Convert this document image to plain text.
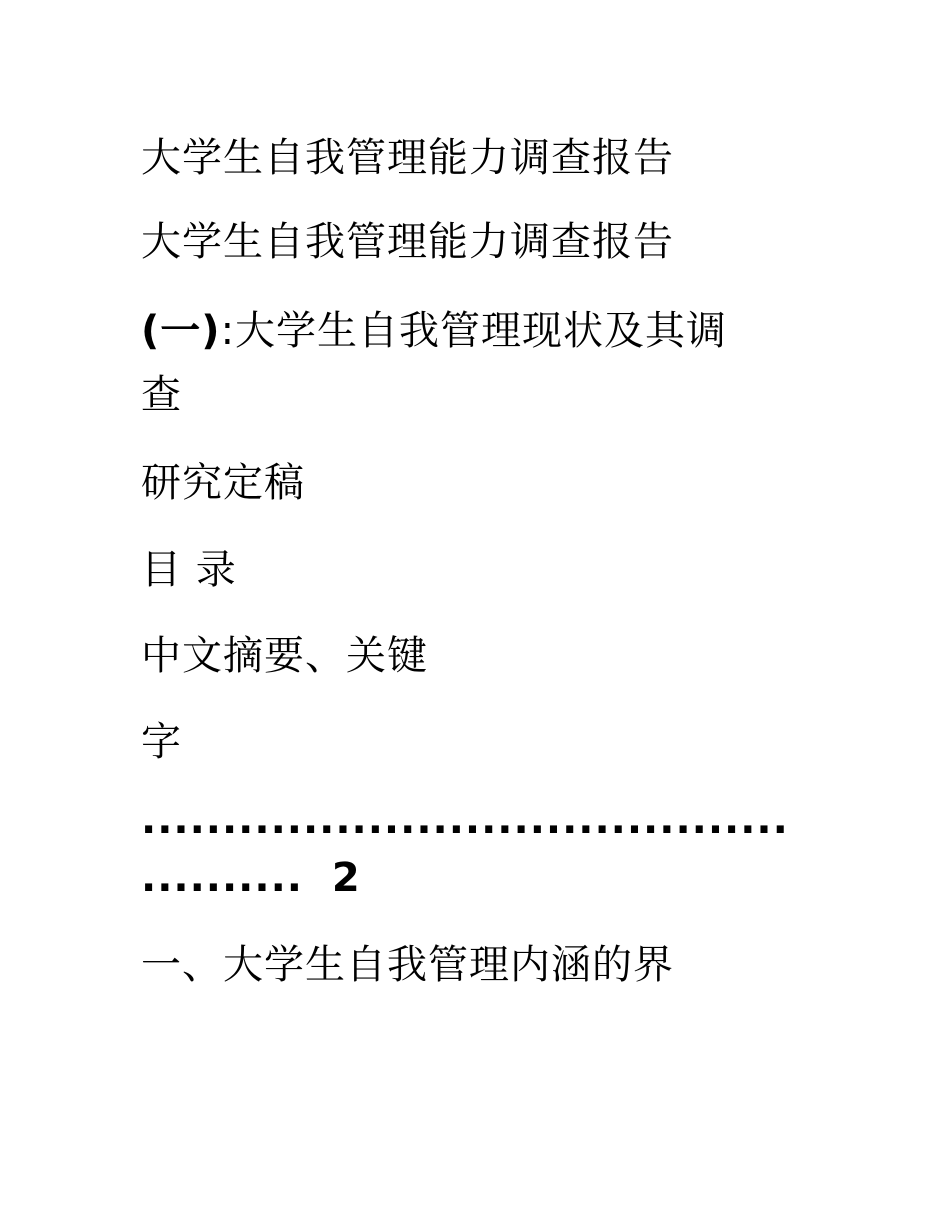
大学生自我管理能力调查报告
大学生自我管理能力调查报告
(一):大学生自我管理现状及其调
查
研究定稿
目 录
中文摘要、关键
字
........................................
.......... 2
一、大学生自我管理内涵的界
